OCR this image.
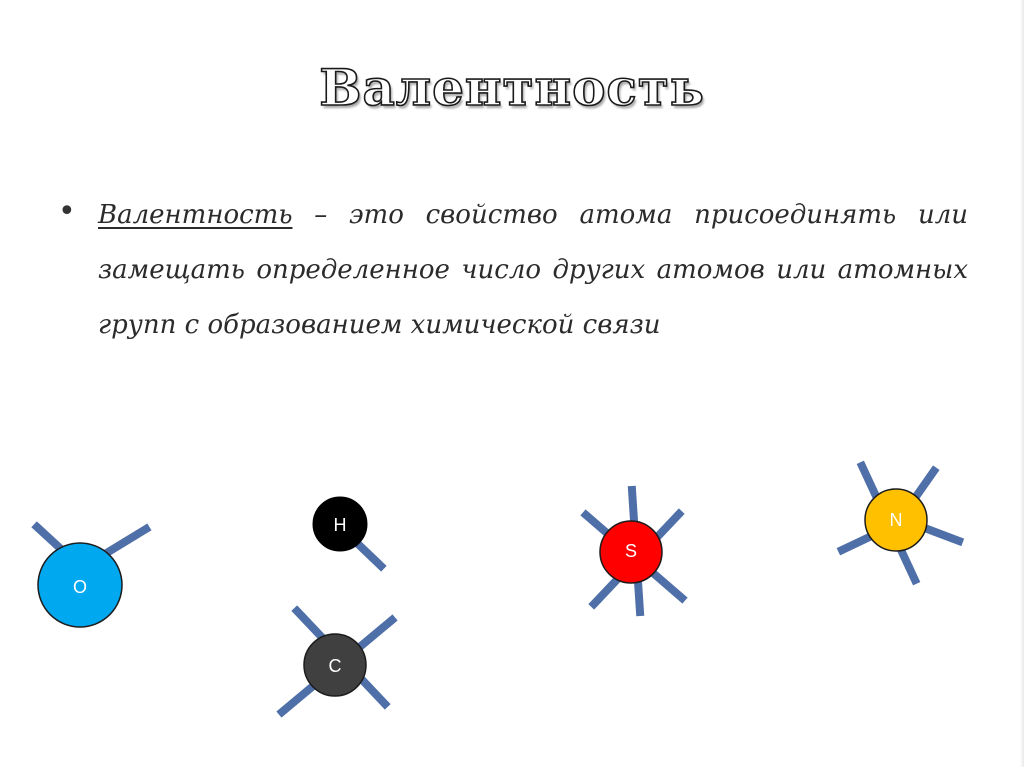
Валентность
• Валентность – это свойство атома присоединять или замещать определенное число других атомов или атомных групп с образованием химической связи

O
H
C
S
N
